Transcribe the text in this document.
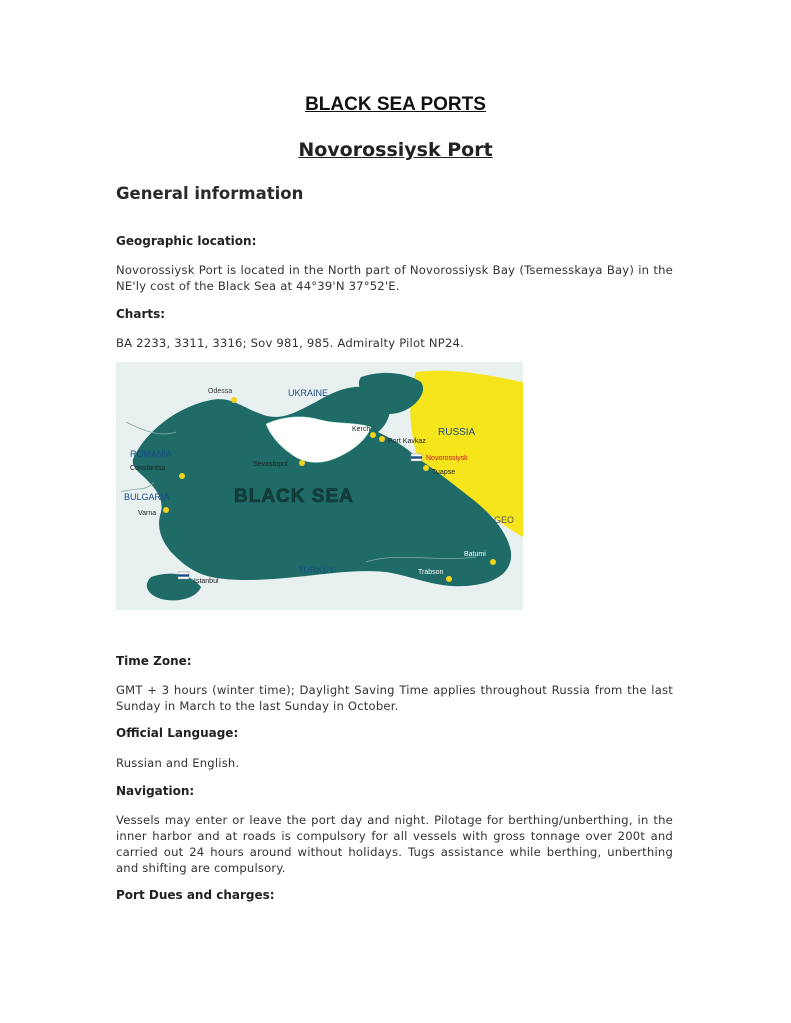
BLACK SEA PORTS
Novorossiysk Port
General information
Geographic location:
Novorossiysk Port is located in the North part of Novorossiysk Bay (Tsemesskaya Bay) in the NE'ly cost of the Black Sea at 44°39'N 37°52'E.
Charts:
BA 2233, 3311, 3316; Sov 981, 985. Admiralty Pilot NP24.
BLACK SEA
UKRAINE
RUSSIA
ROMANIA
BULGARIA
TURKEY
GEO
Odessa
Kerch
Port Kavkaz
Novorossiysk
Tuapse
Sevastopol
Constantsa
Varna
Batumi
Trabson
Istanbul
Time Zone:
GMT + 3 hours (winter time); Daylight Saving Time applies throughout Russia from the last Sunday in March to the last Sunday in October.
Official Language:
Russian and English.
Navigation:
Vessels may enter or leave the port day and night. Pilotage for berthing/unberthing, in the inner harbor and at roads is compulsory for all vessels with gross tonnage over 200t and carried out 24 hours around without holidays. Tugs assistance while berthing, unberthing and shifting are compulsory.
Port Dues and charges:
